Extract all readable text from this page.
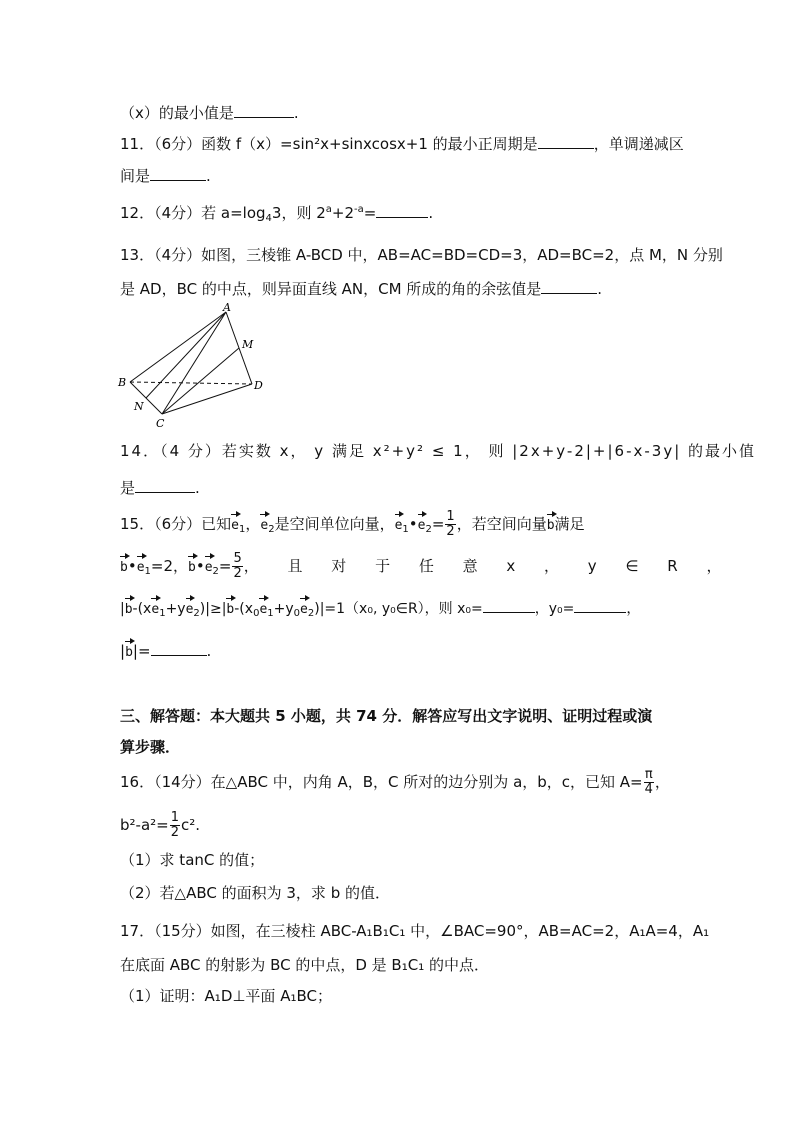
（x）的最小值是	.
11．（6分）函数 f（x）=sin²x+sinxcosx+1 的最小正周期是	，单调递减区
间是	.
12．（4分）若 $a=\log_43$，则 $2^a+2^{-a}=$	.
13．（4分）如图，三棱锥 A-BCD 中，AB=AC=BD=CD=3，AD=BC=2，点 M，N 分别
是 AD，BC 的中点，则异面直线 AN，CM 所成的角的余弦值是	.
A
B
C
D
M
N
14．（4 分）若实数 x， y 满足 x²+y² ≤ 1， 则 |2x+y-2|+|6-x-3y| 的最小值
是	.
15．（6分）已知$e_1$，$e_2$是空间单位向量，$e_1•e_2= \frac{1}{2}$ ，若空间向量b满足
$b•e_1=2$，$b•e_2= \frac{5}{2}$ ， 且 对 于 任 意 x ， y ∈ R ，
$|b-(xe_1+ye_2)|\ge|b-(x_0e_1+y_0e_2)|=1(x_0$, y₀∈R），则 x₀=	，y₀=	，
|b|=	.
三、解答题：本大题共 5 小题，共 74 分．解答应写出文字说明、证明过程或演
算步骤．
16．（14分）在△ABC 中，内角 A，B，C 所对的边分别为 a，b，c，已知 $A= \frac{\pi}{4}$ ，
$b^2-a^2= \frac{1}{2} c^2$.
（1）求 tanC 的值；
（2）若△ABC 的面积为 3，求 b 的值．
17．（15分）如图，在三棱柱 ABC-A₁B₁C₁ 中，∠BAC=90°，AB=AC=2，A₁A=4，A₁
在底面 ABC 的射影为 BC 的中点，D 是 B₁C₁ 的中点．
（1）证明：A₁D⊥平面 A₁BC；
